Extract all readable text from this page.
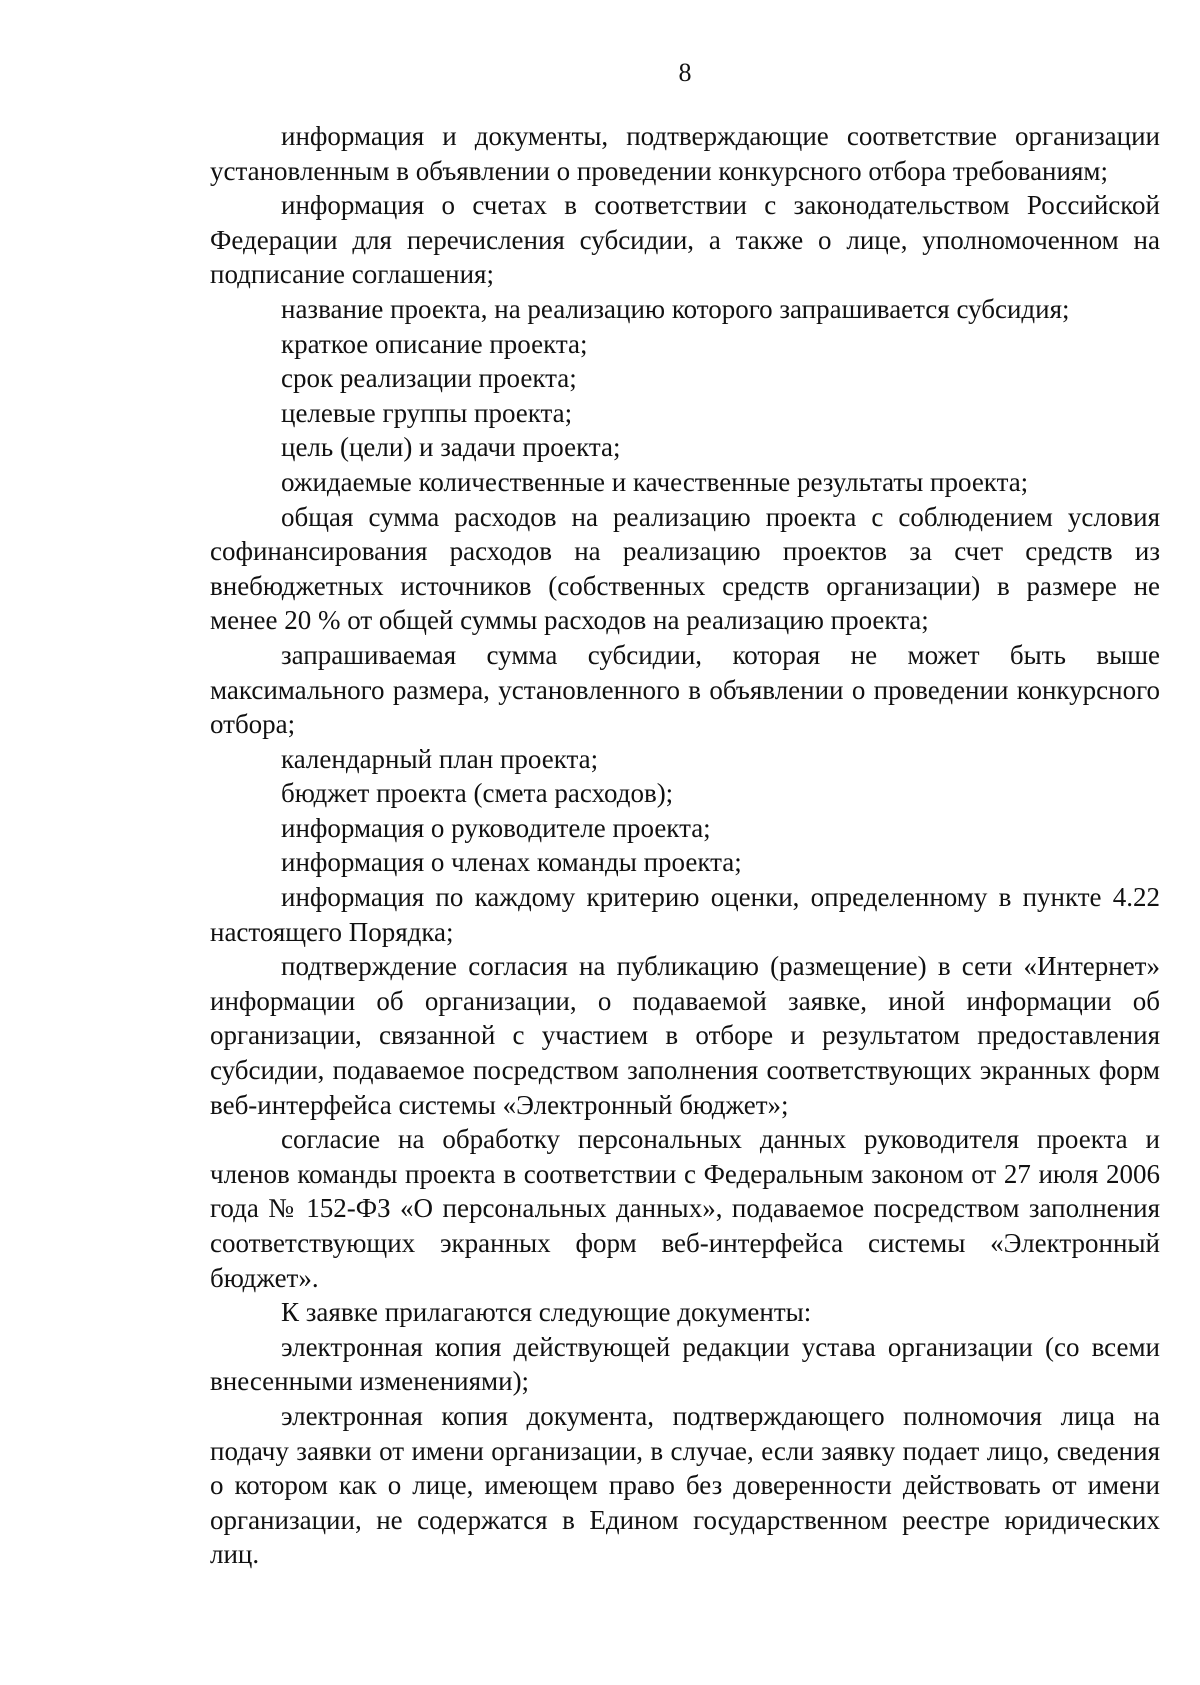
8

информация и документы, подтверждающие соответствие организации установленным в объявлении о проведении конкурсного отбора требованиям;

информация о счетах в соответствии с законодательством Российской Федерации для перечисления субсидии, а также о лице, уполномоченном на подписание соглашения;

название проекта, на реализацию которого запрашивается субсидия;

краткое описание проекта;

срок реализации проекта;

целевые группы проекта;

цель (цели) и задачи проекта;

ожидаемые количественные и качественные результаты проекта;

общая сумма расходов на реализацию проекта с соблюдением условия софинансирования расходов на реализацию проектов за счет средств из внебюджетных источников (собственных средств организации) в размере не менее 20 % от общей суммы расходов на реализацию проекта;

запрашиваемая сумма субсидии, которая не может быть выше максимального размера, установленного в объявлении о проведении конкурсного отбора;

календарный план проекта;

бюджет проекта (смета расходов);

информация о руководителе проекта;

информация о членах команды проекта;

информация по каждому критерию оценки, определенному в пункте 4.22 настоящего Порядка;

подтверждение согласия на публикацию (размещение) в сети «Интернет» информации об организации, о подаваемой заявке, иной информации об организации, связанной с участием в отборе и результатом предоставления субсидии, подаваемое посредством заполнения соответствующих экранных форм веб-интерфейса системы «Электронный бюджет»;

согласие на обработку персональных данных руководителя проекта и членов команды проекта в соответствии с Федеральным законом от 27 июля 2006 года № 152-ФЗ «О персональных данных», подаваемое посредством заполнения соответствующих экранных форм веб-интерфейса системы «Электронный бюджет».

К заявке прилагаются следующие документы:

электронная копия действующей редакции устава организации (со всеми внесенными изменениями);

электронная копия документа, подтверждающего полномочия лица на подачу заявки от имени организации, в случае, если заявку подает лицо, сведения о котором как о лице, имеющем право без доверенности действовать от имени организации, не содержатся в Едином государственном реестре юридических лиц.
